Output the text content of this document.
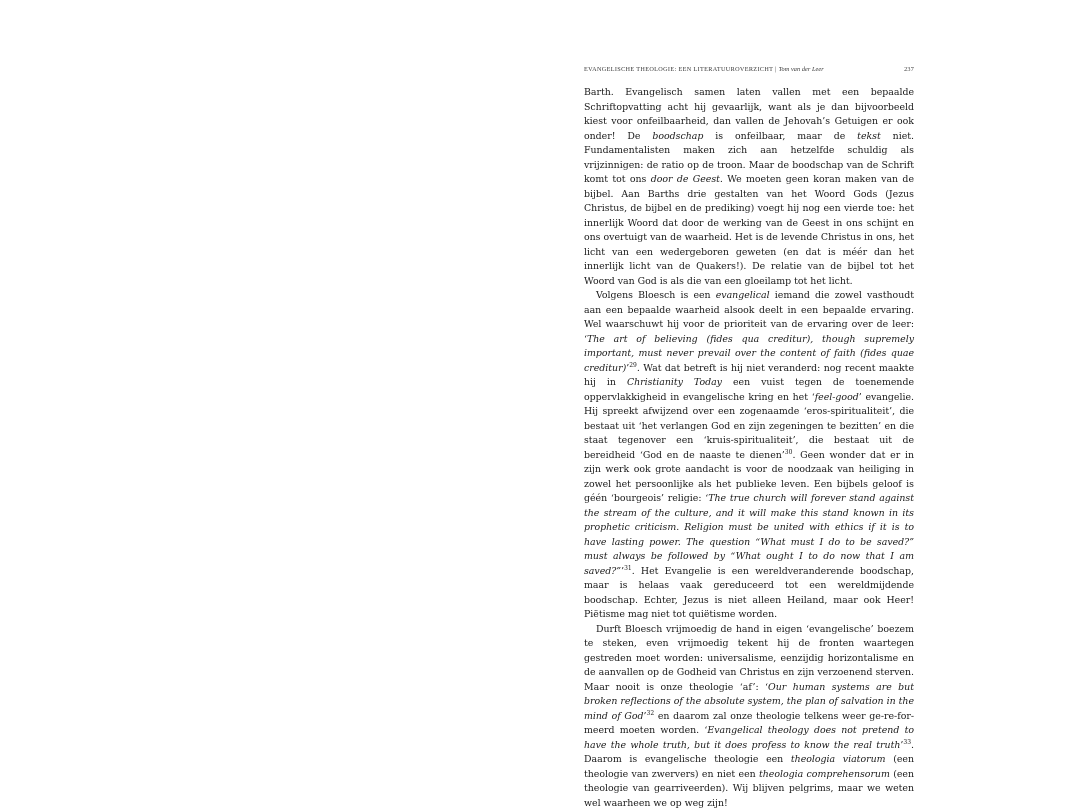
EVANGELISCHE THEOLOGIE: EEN LITERATUUROVERZICHT | Tom van der Leer	237

Barth. Evangelisch samen laten vallen met een bepaalde Schriftopvatting acht hij gevaarlijk, want als je dan bijvoorbeeld kiest voor onfeilbaarheid, dan vallen de Jehovah’s Getuigen er ook onder! De boodschap is onfeilbaar, maar de tekst niet. Fundamentalisten maken zich aan hetzelfde schuldig als vrijzinnigen: de ratio op de troon. Maar de boodschap van de Schrift komt tot ons door de Geest. We moeten geen koran maken van de bijbel. Aan Barths drie gestalten van het Woord Gods (Jezus Christus, de bijbel en de prediking) voegt hij nog een vierde toe: het innerlijk Woord dat door de werking van de Geest in ons schijnt en ons overtuigt van de waarheid. Het is de levende Christus in ons, het licht van een wedergeboren geweten (en dat is méér dan het innerlijk licht van de Quakers!). De relatie van de bijbel tot het Woord van God is als die van een gloeilamp tot het licht.

Volgens Bloesch is een evangelical iemand die zowel vasthoudt aan een bepaalde waarheid alsook deelt in een bepaalde ervaring. Wel waarschuwt hij voor de prioriteit van de ervaring over de leer: ‘The art of believing (fides qua creditur), though supremely important, must never prevail over the content of faith (fides quae creditur)’$^{29}$. Wat dat betreft is hij niet veranderd: nog recent maakte hij in Christianity Today een vuist tegen de toenemende oppervlakkigheid in evangelische kring en het ‘feel-good’ evangelie. Hij spreekt afwijzend over een zogenaamde ‘eros-spiritualiteit’, die bestaat uit ‘het verlangen God en zijn zegeningen te bezitten’ en die staat tegenover een ‘kruis-spiritualiteit’, die bestaat uit de bereidheid ‘God en de naaste te dienen’$^{30}$. Geen wonder dat er in zijn werk ook grote aandacht is voor de noodzaak van heiliging in zowel het persoonlijke als het publieke leven. Een bijbels geloof is géén ‘bourgeois’ religie: ‘The true church will forever stand against the stream of the culture, and it will make this stand known in its prophetic criticism. Religion must be united with ethics if it is to have lasting power. The question “What must I do to be saved?” must always be followed by “What ought I to do now that I am saved?”’$^{31}$. Het Evangelie is een wereldveranderende boodschap, maar is helaas vaak gereduceerd tot een wereldmijdende boodschap. Echter, Jezus is niet alleen Heiland, maar ook Heer! Piëtisme mag niet tot quiëtisme worden.

Durft Bloesch vrijmoedig de hand in eigen ‘evangelische’ boezem te steken, even vrijmoedig tekent hij de fronten waartegen gestreden moet worden: universalisme, eenzijdig horizontalisme en de aanvallen op de Godheid van Christus en zijn verzoenend sterven. Maar nooit is onze theologie ‘af’: ‘Our human systems are but broken reflections of the absolute system, the plan of salvation in the mind of God’$^{32}$ en daarom zal onze theologie telkens weer ge-re-for-meerd moeten worden. ‘Evangelical theology does not pretend to have the whole truth, but it does profess to know the real truth’$^{33}$. Daarom is evangelische theologie een theologia viatorum (een theologie van zwervers) en niet een theologia comprehensorum (een theologie van gearriveerden). Wij blijven pelgrims, maar we weten wel waarheen we op weg zijn!
